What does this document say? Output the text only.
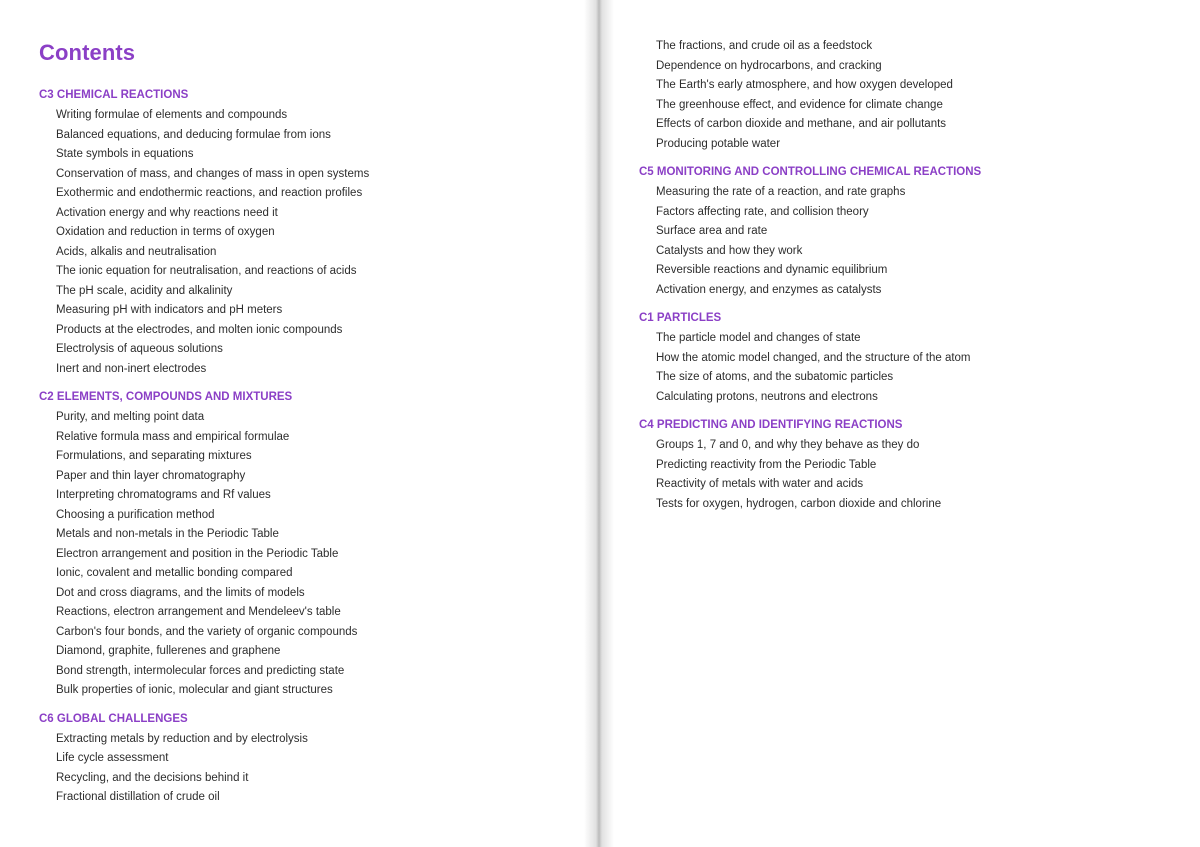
Contents
C3 CHEMICAL REACTIONS
Writing formulae of elements and compounds
Balanced equations, and deducing formulae from ions
State symbols in equations
Conservation of mass, and changes of mass in open systems
Exothermic and endothermic reactions, and reaction profiles
Activation energy and why reactions need it
Oxidation and reduction in terms of oxygen
Acids, alkalis and neutralisation
The ionic equation for neutralisation, and reactions of acids
The pH scale, acidity and alkalinity
Measuring pH with indicators and pH meters
Products at the electrodes, and molten ionic compounds
Electrolysis of aqueous solutions
Inert and non-inert electrodes
C2 ELEMENTS, COMPOUNDS AND MIXTURES
Purity, and melting point data
Relative formula mass and empirical formulae
Formulations, and separating mixtures
Paper and thin layer chromatography
Interpreting chromatograms and Rf values
Choosing a purification method
Metals and non-metals in the Periodic Table
Electron arrangement and position in the Periodic Table
Ionic, covalent and metallic bonding compared
Dot and cross diagrams, and the limits of models
Reactions, electron arrangement and Mendeleev's table
Carbon's four bonds, and the variety of organic compounds
Diamond, graphite, fullerenes and graphene
Bond strength, intermolecular forces and predicting state
Bulk properties of ionic, molecular and giant structures
C6 GLOBAL CHALLENGES
Extracting metals by reduction and by electrolysis
Life cycle assessment
Recycling, and the decisions behind it
Fractional distillation of crude oil
The fractions, and crude oil as a feedstock
Dependence on hydrocarbons, and cracking
The Earth's early atmosphere, and how oxygen developed
The greenhouse effect, and evidence for climate change
Effects of carbon dioxide and methane, and air pollutants
Producing potable water
C5 MONITORING AND CONTROLLING CHEMICAL REACTIONS
Measuring the rate of a reaction, and rate graphs
Factors affecting rate, and collision theory
Surface area and rate
Catalysts and how they work
Reversible reactions and dynamic equilibrium
Activation energy, and enzymes as catalysts
C1 PARTICLES
The particle model and changes of state
How the atomic model changed, and the structure of the atom
The size of atoms, and the subatomic particles
Calculating protons, neutrons and electrons
C4 PREDICTING AND IDENTIFYING REACTIONS
Groups 1, 7 and 0, and why they behave as they do
Predicting reactivity from the Periodic Table
Reactivity of metals with water and acids
Tests for oxygen, hydrogen, carbon dioxide and chlorine
